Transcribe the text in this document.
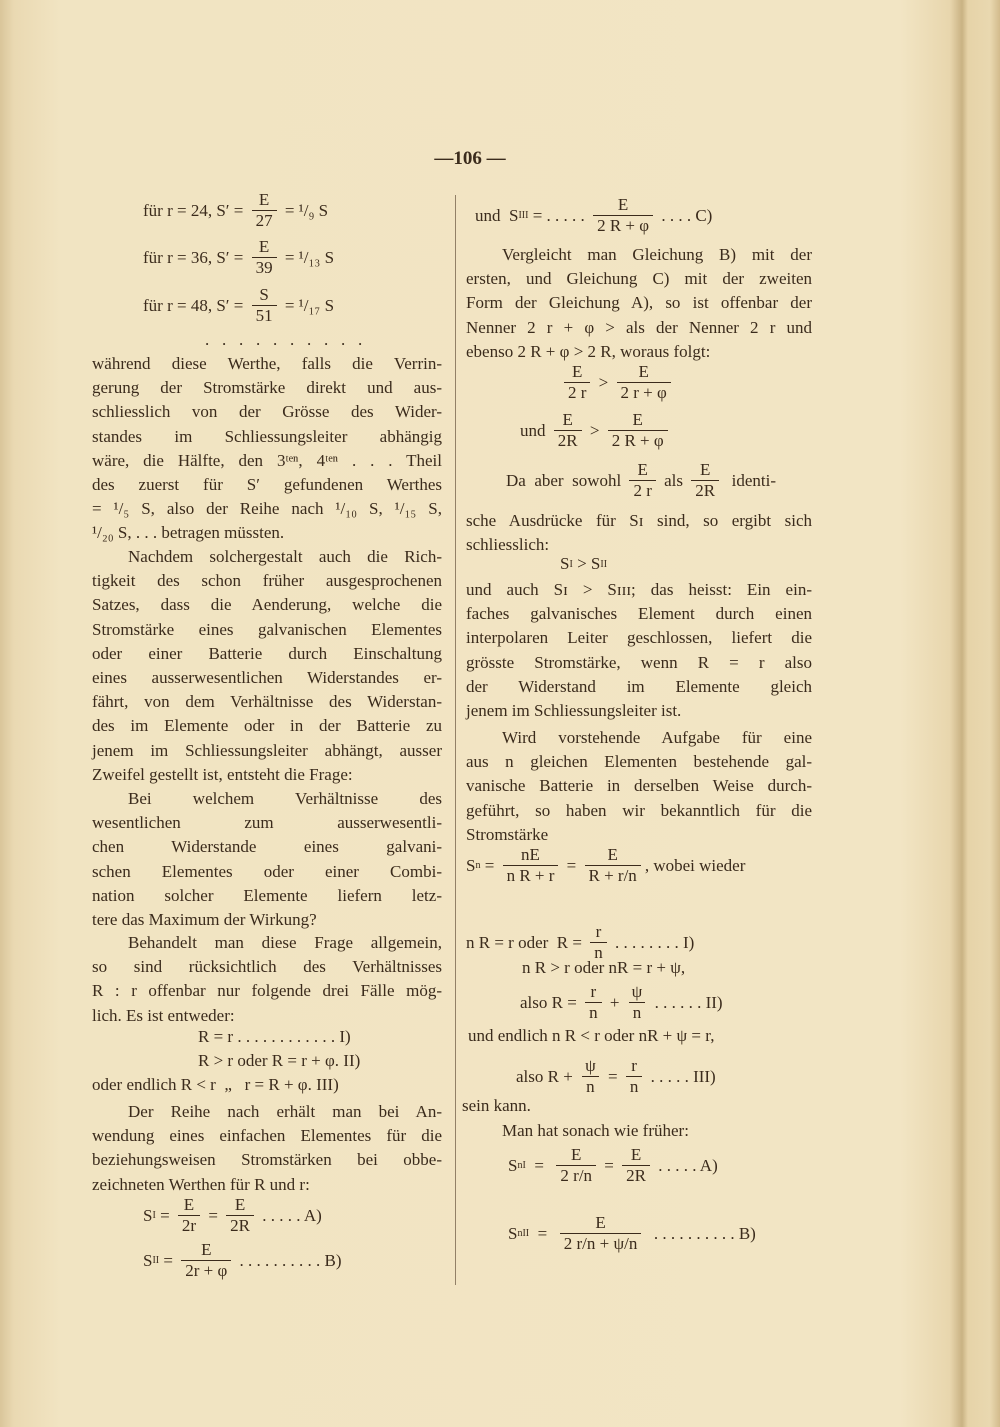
—106 —
für r = 24, $S' = \frac{E}{27} = ^1/_9$ S
für r = 36, $S' = \frac{E}{39} = ^1/_{13}$ S
für r = 48, $S' = \frac{S}{51} = ^1/_{17}$ S
.   .   .   .   .   .   .   .   .   .
während diese Werthe, falls die Verrin-
gerung der Stromstärke direkt und aus-
schliesslich von der Grösse des Wider-
standes im Schliessungsleiter abhängig
wäre, die Hälfte, den 3ᵗᵉⁿ, 4ᵗᵉⁿ . . . Theil
des zuerst für S′ gefundenen Werthes
= ¹/₅ S, also der Reihe nach ¹/₁₀ S, ¹/₁₅ S,
¹/₂₀ S, . . . betragen müssten.
Nachdem solchergestalt auch die Rich-
tigkeit des schon früher ausgesprochenen
Satzes, dass die Aenderung, welche die
Stromstärke eines galvanischen Elementes
oder einer Batterie durch Einschaltung
eines ausserwesentlichen Widerstandes er-
fährt, von dem Verhältnisse des Widerstan-
des im Elemente oder in der Batterie zu
jenem im Schliessungsleiter abhängt, ausser
Zweifel gestellt ist, entsteht die Frage:
Bei welchem Verhältnisse des
wesentlichen zum ausserwesentli-
chen Widerstande eines galvani-
schen Elementes oder einer Combi-
nation solcher Elemente liefern letz-
tere das Maximum der Wirkung?
Behandelt man diese Frage allgemein,
so sind rücksichtlich des Verhältnisses
R : r offenbar nur folgende drei Fälle mög-
lich. Es ist entweder:
R = r . . . . . . . . . . . . I)
R > r oder R = r + φ. II)
oder endlich R < r  „   r = R + φ. III)
Der Reihe nach erhält man bei An-
wendung eines einfachen Elementes für die
beziehungsweisen Stromstärken bei obbe-
zeichneten Werthen für R und r:
S $I = \frac{E}{2r} = \frac{E}{2R}$ . . . . . A)
S II = $\frac{E}{2r + \varphi}$ . . . . . . . . . . B)
und  S III = . . . . . $\frac{E}{2 R + \varphi}$ . . . . C)
Vergleicht man Gleichung B) mit der
ersten, und Gleichung C) mit der zweiten
Form der Gleichung A), so ist offenbar der
Nenner 2 r + φ > als der Nenner 2 r und
ebenso 2 R + φ > 2 R, woraus folgt:
$\frac{E}{2 r} > \frac{E}{2 r + \varphi}$
und $\frac{E}{2R} > \frac{E}{2 R + \varphi}$
Da  aber  sowohl $\frac{E}{2 r}$ als $\frac{E}{2R}$ identi-
sche Ausdrücke für Sɪ sind, so ergibt sich
schliesslich:
S I > S II
und auch Sɪ > Sɪɪɪ; das heisst: Ein ein-
faches galvanisches Element durch einen
interpolaren Leiter geschlossen, liefert die
grösste Stromstärke, wenn R = r also
der Widerstand im Elemente gleich
jenem im Schliessungsleiter ist.
Wird vorstehende Aufgabe für eine
aus n gleichen Elementen bestehende gal-
vanische Batterie in derselben Weise durch-
geführt, so haben wir bekanntlich für die
Stromstärke
S $n = \frac{nE}{\text{n R + r}} = \frac{E}{R + r/n}$ , wobei wieder
n R = r oder  $R = \frac{r}{n}$ . . . . . . . . I)
n R > r oder nR = r + ψ,
also $R = \frac{r}{n} + \frac{\psi}{n}$ . . . . . . II)
und endlich n R < r oder nR + ψ = r,
also $R + \frac{\psi}{n} = \frac{r}{n}$ . . . . . III)
sein kann.
Man hat sonach wie früher:
S nI = $\frac{E}{2 r/n} = \frac{E}{2R}$ . . . . . A)
S nII = $\frac{E}{2 r/n + \psi/n}$ . . . . . . . . . . B)
